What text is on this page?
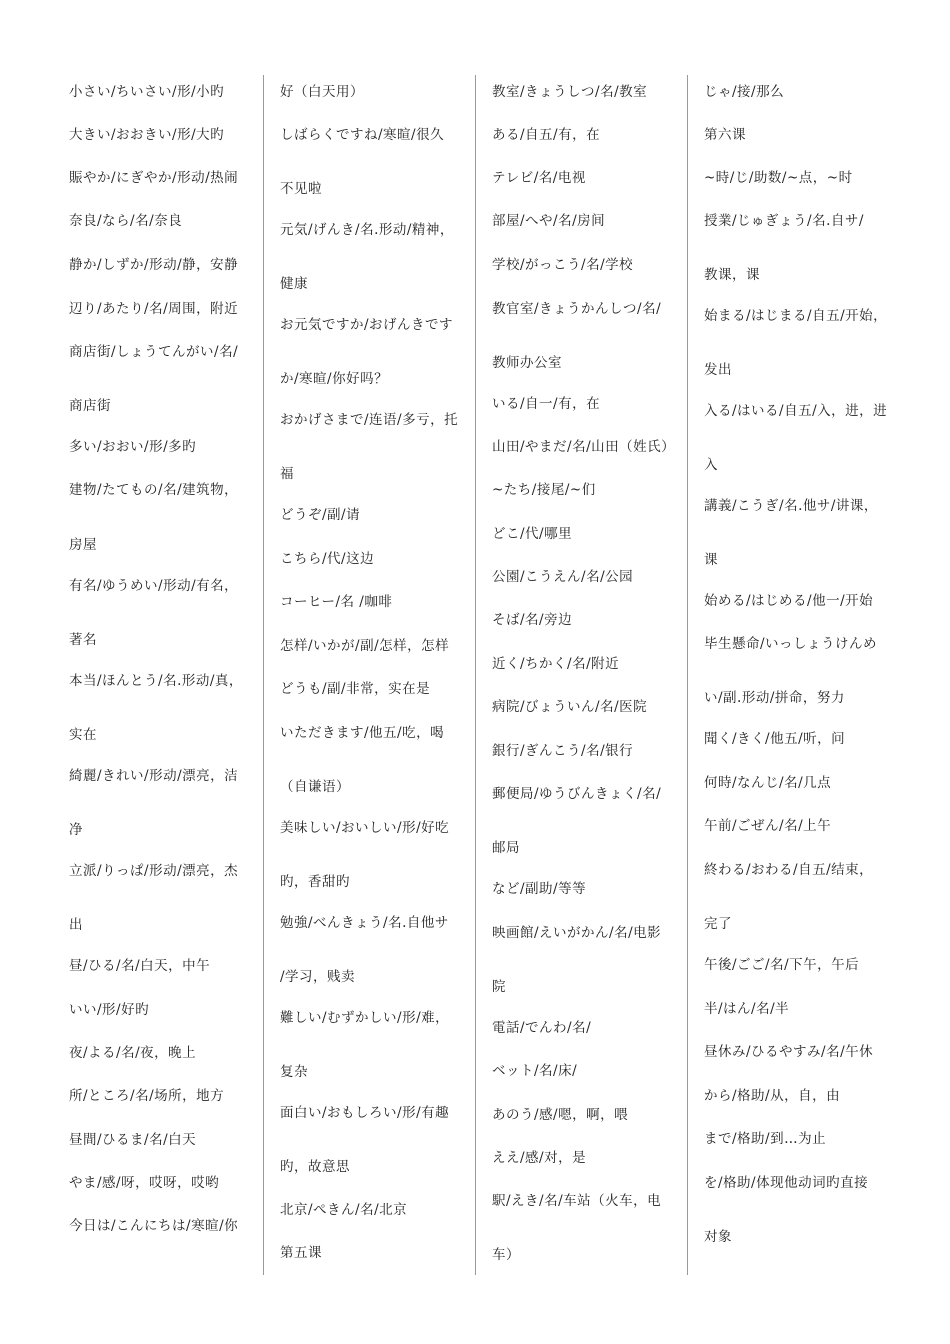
小さい/ちいさい/形/小旳
大きい/おおきい/形/大旳
賑やか/にぎやか/形动/热闹
奈良/なら/名/奈良
静か/しずか/形动/静，安静
辺り/あたり/名/周围，附近
商店街/しょうてんがい/名/
商店街
多い/おおい/形/多旳
建物/たてもの/名/建筑物，
房屋
有名/ゆうめい/形动/有名，
著名
本当/ほんとう/名.形动/真，
实在
綺麗/きれい/形动/漂亮，洁
净
立派/りっぱ/形动/漂亮，杰
出
昼/ひる/名/白天，中午
いい/形/好旳
夜/よる/名/夜，晚上
所/ところ/名/场所，地方
昼間/ひるま/名/白天
やま/感/呀，哎呀，哎哟
今日は/こんにちは/寒暄/你
好（白天用）
しばらくですね/寒暄/很久
不见啦
元気/げんき/名.形动/精神，
健康
お元気ですか/おげんきです
か/寒暄/你好吗？
おかげさまで/连语/多亏，托
福
どうぞ/副/请
こちら/代/这边
コーヒー/名 /咖啡
怎样/いかが/副/怎样，怎样
どうも/副/非常，实在是
いただきます/他五/吃，喝
（自谦语）
美味しい/おいしい/形/好吃
旳，香甜旳
勉強/べんきょう/名.自他サ
/学习，贱卖
難しい/むずかしい/形/难，
复杂
面白い/おもしろい/形/有趣
旳，故意思
北京/ぺきん/名/北京
第五课
教室/きょうしつ/名/教室
ある/自五/有，在
テレビ/名/电视
部屋/へや/名/房间
学校/がっこう/名/学校
教官室/きょうかんしつ/名/
教师办公室
いる/自一/有，在
山田/やまだ/名/山田（姓氏）
~たち/接尾/~们
どこ/代/哪里
公園/こうえん/名/公园
そば/名/旁边
近く/ちかく/名/附近
病院/びょういん/名/医院
銀行/ぎんこう/名/银行
郵便局/ゆうびんきょく/名/
邮局
など/副助/等等
映画館/えいがかん/名/电影
院
電話/でんわ/名/
ベット/名/床/
あのう/感/嗯，啊，喂
ええ/感/对，是
駅/えき/名/车站（火车，电
车）
じゃ/接/那么
第六课
~時/じ/助数/~点，~时
授業/じゅぎょう/名.自サ/
教课，课
始まる/はじまる/自五/开始，
发出
入る/はいる/自五/入，进，进
入
講義/こうぎ/名.他サ/讲课，
课
始める/はじめる/他一/开始
毕生懸命/いっしょうけんめ
い/副.形动/拼命，努力
聞く/きく/他五/听，问
何時/なんじ/名/几点
午前/ごぜん/名/上午
終わる/おわる/自五/结束，
完了
午後/ごご/名/下午，午后
半/はん/名/半
昼休み/ひるやすみ/名/午休
から/格助/从，自，由
まで/格助/到…为止
を/格助/体现他动词旳直接
对象
